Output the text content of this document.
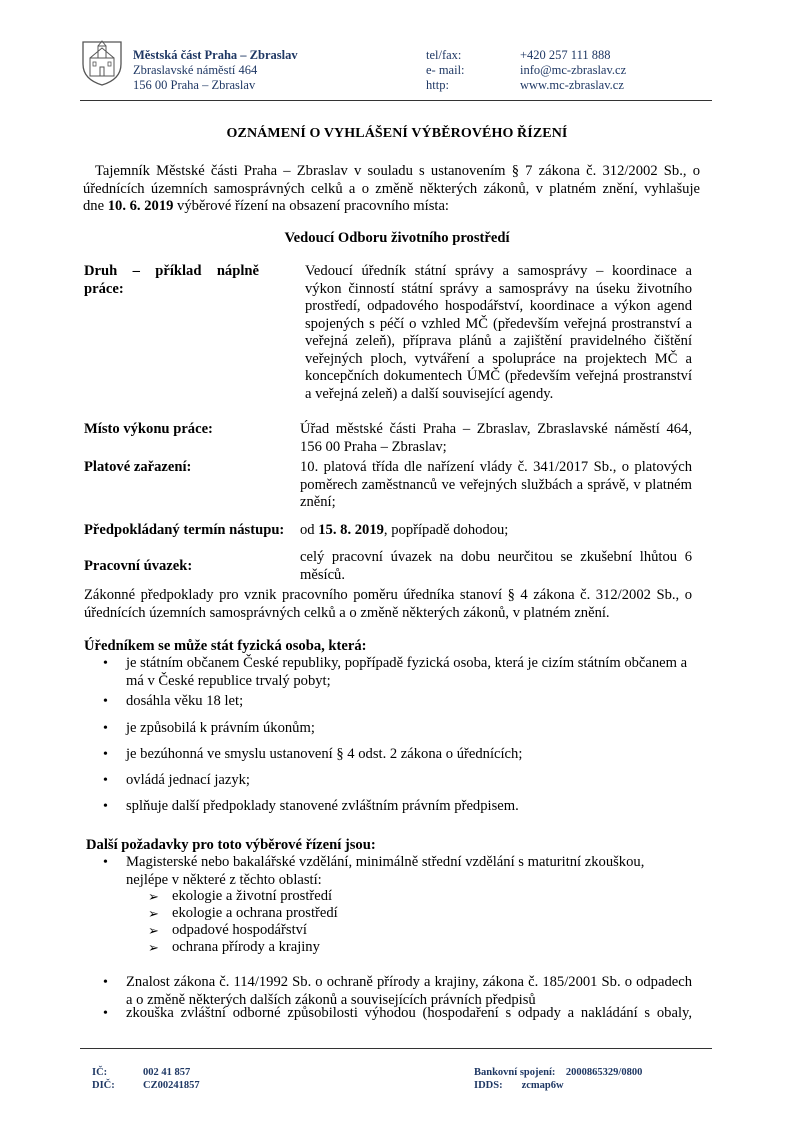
Městská část Praha – Zbraslav
Zbraslavské náměstí 464
156 00 Praha – Zbraslav
tel/fax:
e- mail:
http:
+420 257 111 888
info@mc-zbraslav.cz
www.mc-zbraslav.cz
OZNÁMENÍ O VYHLÁŠENÍ VÝBĚROVÉHO ŘÍZENÍ
Tajemník Městské části Praha – Zbraslav v souladu s ustanovením § 7 zákona č. 312/2002 Sb., o
úřednících územních samosprávných celků a o změně některých zákonů, v platném znění, vyhlašuje
dne 10. 6. 2019 výběrové řízení na obsazení pracovního místa:
Vedoucí Odboru životního prostředí
Druh – příklad náplně práce:
Vedoucí úředník státní správy a samosprávy – koordinace a výkon činností státní správy a samosprávy na úseku životního prostředí, odpadového hospodářství, koordinace a výkon agend spojených s péčí o vzhled MČ (především veřejná prostranství a veřejná zeleň), příprava plánů a zajištění pravidelného čištění veřejných ploch, vytváření a spolupráce na projektech MČ a koncepčních dokumentech ÚMČ (především veřejná prostranství a veřejná zeleň) a další související agendy.
Místo výkonu práce:	Úřad městské části Praha – Zbraslav, Zbraslavské náměstí 464, 156 00 Praha – Zbraslav;
Platové zařazení:	10. platová třída dle nařízení vlády č. 341/2017 Sb., o platových poměrech zaměstnanců ve veřejných službách a správě, v platném znění;
Předpokládaný termín nástupu: od 15. 8. 2019, popřípadě dohodou;
Pracovní úvazek:
celý pracovní úvazek na dobu neurčitou se zkušební lhůtou 6 měsíců.
Zákonné předpoklady pro vznik pracovního poměru úředníka stanoví § 4 zákona č. 312/2002 Sb., o úřednících územních samosprávných celků a o změně některých zákonů, v platném znění.
Úředníkem se může stát fyzická osoba, která:
• je státním občanem České republiky, popřípadě fyzická osoba, která je cizím státním občanem a má v České republice trvalý pobyt;
• dosáhla věku 18 let;
• je způsobilá k právním úkonům;
• je bezúhonná ve smyslu ustanovení § 4 odst. 2 zákona o úřednících;
• ovládá jednací jazyk;
• splňuje další předpoklady stanovené zvláštním právním předpisem.
Další požadavky pro toto výběrové řízení jsou:
• Magisterské nebo bakalářské vzdělání, minimálně střední vzdělání s maturitní zkouškou,
nejlépe v některé z těchto oblastí:
➢ ekologie a životní prostředí
➢ ekologie a ochrana prostředí
➢ odpadové hospodářství
➢ ochrana přírody a krajiny
• Znalost zákona č. 114/1992 Sb. o ochraně přírody a krajiny, zákona č. 185/2001 Sb. o odpadech a o změně některých dalších zákonů a souvisejících právních předpisů
• zkouška zvláštní odborné způsobilosti výhodou (hospodaření s odpady a nakládání s obaly,
IČ:
DIČ:
002 41 857
CZ00241857
Bankovní spojení: 2000865329/0800
IDDS: zcmap6w
